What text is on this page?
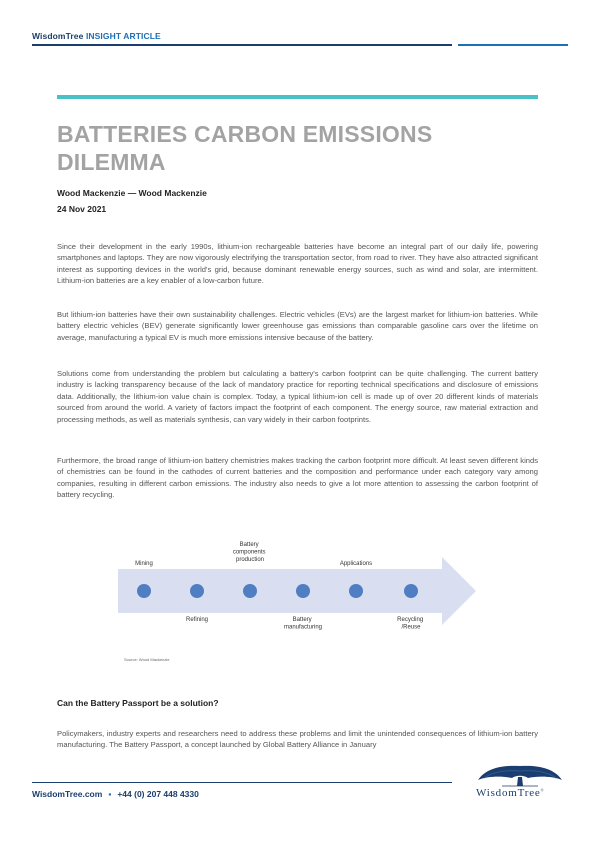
WisdomTree INSIGHT ARTICLE
BATTERIES CARBON EMISSIONS DILEMMA
Wood Mackenzie — Wood Mackenzie
24 Nov 2021

Since their development in the early 1990s, lithium-ion rechargeable batteries have become an integral part of our daily life, powering smartphones and laptops. They are now vigorously electrifying the transportation sector, from road to river. They have also attracted significant interest as supporting devices in the world's grid, because dominant renewable energy sources, such as wind and solar, are intermittent. Lithium-ion batteries are a key enabler of a low-carbon future.

But lithium-ion batteries have their own sustainability challenges. Electric vehicles (EVs) are the largest market for lithium-ion batteries. While battery electric vehicles (BEV) generate significantly lower greenhouse gas emissions than comparable gasoline cars over the lifetime on average, manufacturing a typical EV is much more emissions intensive because of the battery.

Solutions come from understanding the problem but calculating a battery's carbon footprint can be quite challenging. The current battery industry is lacking transparency because of the lack of mandatory practice for reporting technical specifications and disclosure of emissions data. Additionally, the lithium-ion value chain is complex. Today, a typical lithium-ion cell is made up of over 20 different kinds of materials sourced from around the world. A variety of factors impact the footprint of each component. The energy source, raw material extraction and processing methods, as well as materials synthesis, can vary widely in their carbon footprints.

Furthermore, the broad range of lithium-ion battery chemistries makes tracking the carbon footprint more difficult. At least seven different kinds of chemistries can be found in the cathodes of current batteries and the composition and performance under each category vary among companies, resulting in different carbon emissions. The industry also needs to give a lot more attention to assessing the carbon footprint of battery recycling.

Mining
Battery components production
Applications
Refining	Battery manufacturing
Recycling /Reuse
Source: Wood Mackenzie
Can the Battery Passport be a solution?

Policymakers, industry experts and researchers need to address these problems and limit the unintended consequences of lithium-ion battery manufacturing. The Battery Passport, a concept launched by Global Battery Alliance in January

WisdomTree.com ▪ +44 (0) 207 448 4330	WisdomTree®
